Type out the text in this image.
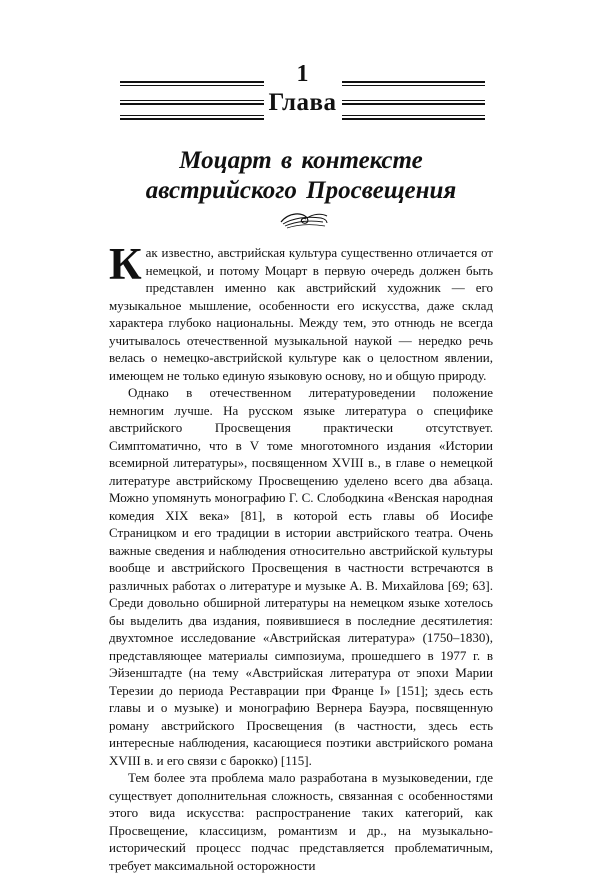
1
Глава
Моцарт в контексте
австрийского Просвещения

Как известно, австрийская культура существенно отличается от немецкой, и потому Моцарт в первую очередь должен быть представлен именно как австрийский художник — его музыкальное мышление, особенности его искусства, даже склад характера глубоко национальны. Между тем, это отнюдь не всегда учитывалось отечественной музыкальной наукой — нередко речь велась о немецко-австрийской культуре как о целостном явлении, имеющем не только единую языковую основу, но и общую природу.

Однако в отечественном литературоведении положение немногим лучше. На русском языке литература о специфике австрийского Просвещения практически отсутствует. Симптоматично, что в V томе многотомного издания «Истории всемирной литературы», посвященном XVIII в., в главе о немецкой литературе австрийскому Просвещению уделено всего два абзаца. Можно упомянуть монографию Г. С. Слободкина «Венская народная комедия XIX века» [81], в которой есть главы об Иосифе Страницком и его традиции в истории австрийского театра. Очень важные сведения и наблюдения относительно австрийской культуры вообще и австрийского Просвещения в частности встречаются в различных работах о литературе и музыке А. В. Михайлова [69; 63]. Среди довольно обширной литературы на немецком языке хотелось бы выделить два издания, появившиеся в последние десятилетия: двухтомное исследование «Австрийская литература» (1750–1830), представляющее материалы симпозиума, прошедшего в 1977 г. в Эйзенштадте (на тему «Австрийская литература от эпохи Марии Терезии до периода Реставрации при Франце I» [151]; здесь есть главы и о музыке) и монографию Вернера Бауэра, посвященную роману австрийского Просвещения (в частности, здесь есть интересные наблюдения, касающиеся поэтики австрийского романа XVIII в. и его связи с барокко) [115].

Тем более эта проблема мало разработана в музыковедении, где существует дополнительная сложность, связанная с особенностями этого вида искусства: распространение таких категорий, как Просвещение, классицизм, романтизм и др., на музыкально-исторический процесс подчас представляется проблематичным, требует максимальной осторожности
